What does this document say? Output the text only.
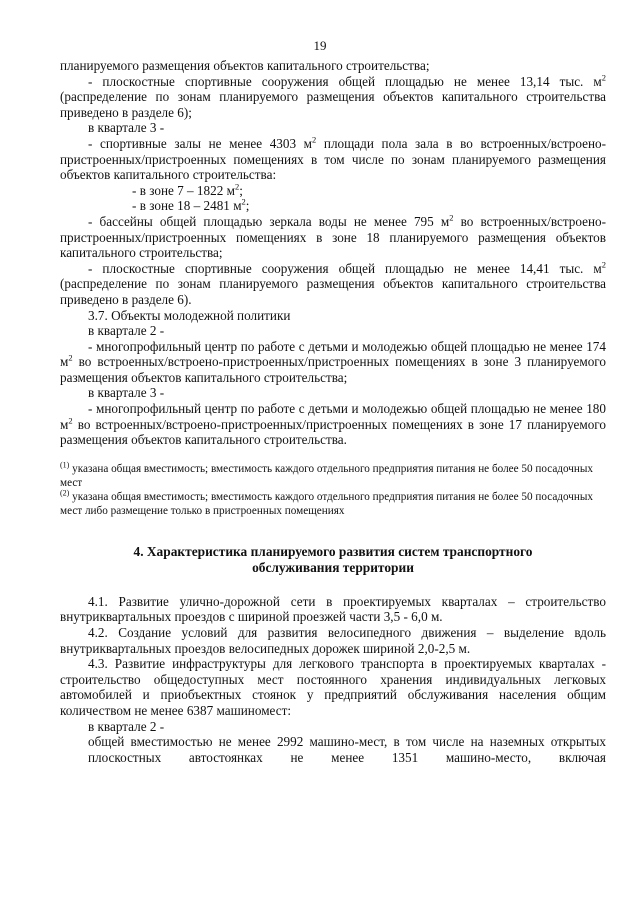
19

планируемого размещения объектов капитального строительства;

- плоскостные спортивные сооружения общей площадью не менее 13,14 тыс. $м^2$ (распределение по зонам планируемого размещения объектов капитального строительства приведено в разделе 6);

в квартале 3 -

- спортивные залы не менее 4303 $м^2$ площади пола зала в во встроенных/встроено-пристроенных/пристроенных помещениях в том числе по зонам планируемого размещения объектов капитального строительства:

- в зоне 7 – 1822 $м^2$;

- в зоне 18 – 2481 $м^2$;

- бассейны общей площадью зеркала воды не менее 795 $м^2$ во встроенных/встроено-пристроенных/пристроенных помещениях в зоне 18 планируемого размещения объектов капитального строительства;

- плоскостные спортивные сооружения общей площадью не менее 14,41 тыс. $м^2$ (распределение по зонам планируемого размещения объектов капитального строительства приведено в разделе 6).

3.7. Объекты молодежной политики

в квартале 2 -

- многопрофильный центр по работе с детьми и молодежью общей площадью не менее 174 $м^2$ во встроенных/встроено-пристроенных/пристроенных помещениях в зоне 3 планируемого размещения объектов капитального строительства;

в квартале 3 -

- многопрофильный центр по работе с детьми и молодежью общей площадью не менее 180 $м^2$ во встроенных/встроено-пристроенных/пристроенных помещениях в зоне 17 планируемого размещения объектов капитального строительства.

$^{(1)}$ указана общая вместимость; вместимость каждого отдельного предприятия питания не более 50 посадочных мест

$^{(2)}$ указана общая вместимость; вместимость каждого отдельного предприятия питания не более 50 посадочных мест либо размещение только в пристроенных помещениях

4. Характеристика планируемого развития систем транспортного обслуживания территории

4.1. Развитие улично-дорожной сети в проектируемых кварталах – строительство внутриквартальных проездов с шириной проезжей части 3,5 - 6,0 м.

4.2. Создание условий для развития велосипедного движения – выделение вдоль внутриквартальных проездов велосипедных дорожек шириной 2,0-2,5 м.

4.3. Развитие инфраструктуры для легкового транспорта в проектируемых кварталах - строительство общедоступных мест постоянного хранения индивидуальных легковых автомобилей и приобъектных стоянок у предприятий обслуживания населения общим количеством не менее 6387 машиномест:

в квартале 2 -

общей вместимостью не менее 2992 машино-мест, в том числе на наземных открытых плоскостных автостоянках не менее 1351 машино-место, включая
